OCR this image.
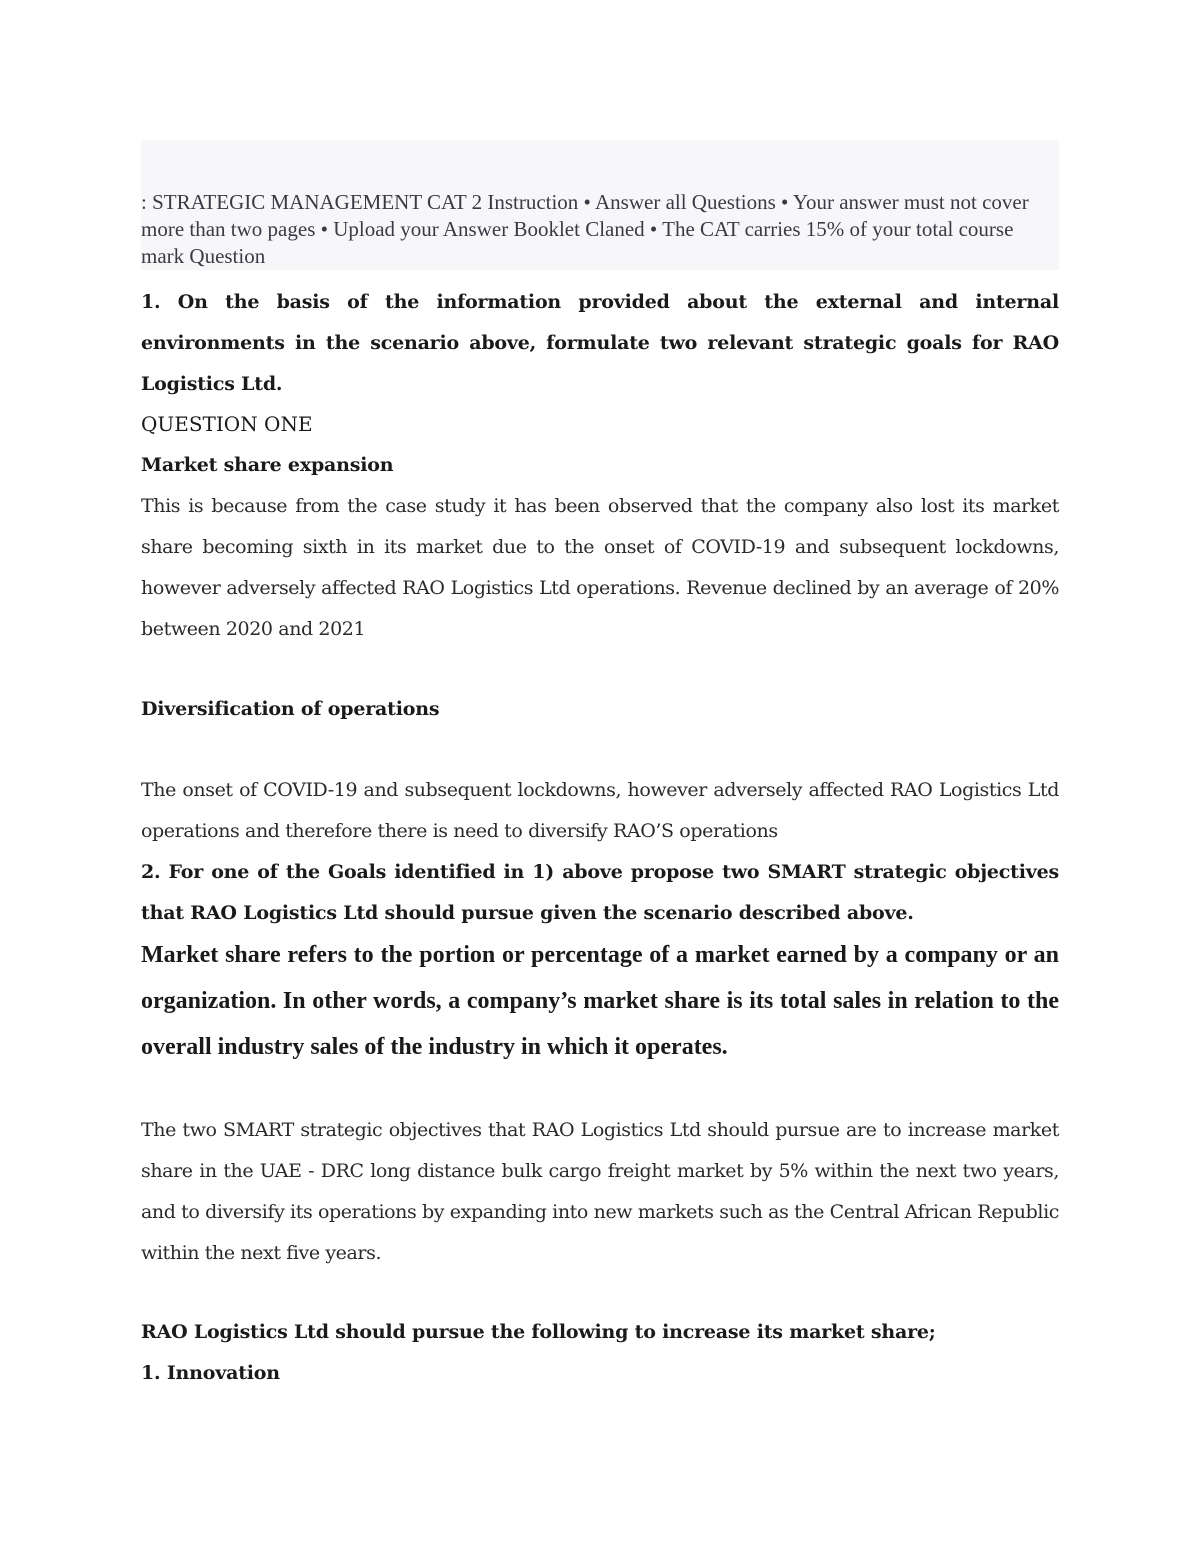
: STRATEGIC MANAGEMENT CAT 2 Instruction • Answer all Questions • Your answer must not cover more than two pages • Upload your Answer Booklet Claned • The CAT carries 15% of your total course mark Question
1. On the basis of the information provided about the external and internal environments in the scenario above, formulate two relevant strategic goals for RAO Logistics Ltd.
QUESTION ONE
Market share expansion
This is because from the case study it has been observed that the company also lost its market share becoming sixth in its market due to the onset of COVID-19 and subsequent lockdowns, however adversely affected RAO Logistics Ltd operations. Revenue declined by an average of 20% between 2020 and 2021
Diversification of operations
The onset of COVID-19 and subsequent lockdowns, however adversely affected RAO Logistics Ltd operations and therefore there is need to diversify RAO’S operations
2. For one of the Goals identified in 1) above propose two SMART strategic objectives that RAO Logistics Ltd should pursue given the scenario described above.
Market share refers to the portion or percentage of a market earned by a company or an organization. In other words, a company’s market share is its total sales in relation to the overall industry sales of the industry in which it operates.
The two SMART strategic objectives that RAO Logistics Ltd should pursue are to increase market share in the UAE - DRC long distance bulk cargo freight market by 5% within the next two years, and to diversify its operations by expanding into new markets such as the Central African Republic within the next five years.
RAO Logistics Ltd should pursue the following to increase its market share;
1. Innovation
